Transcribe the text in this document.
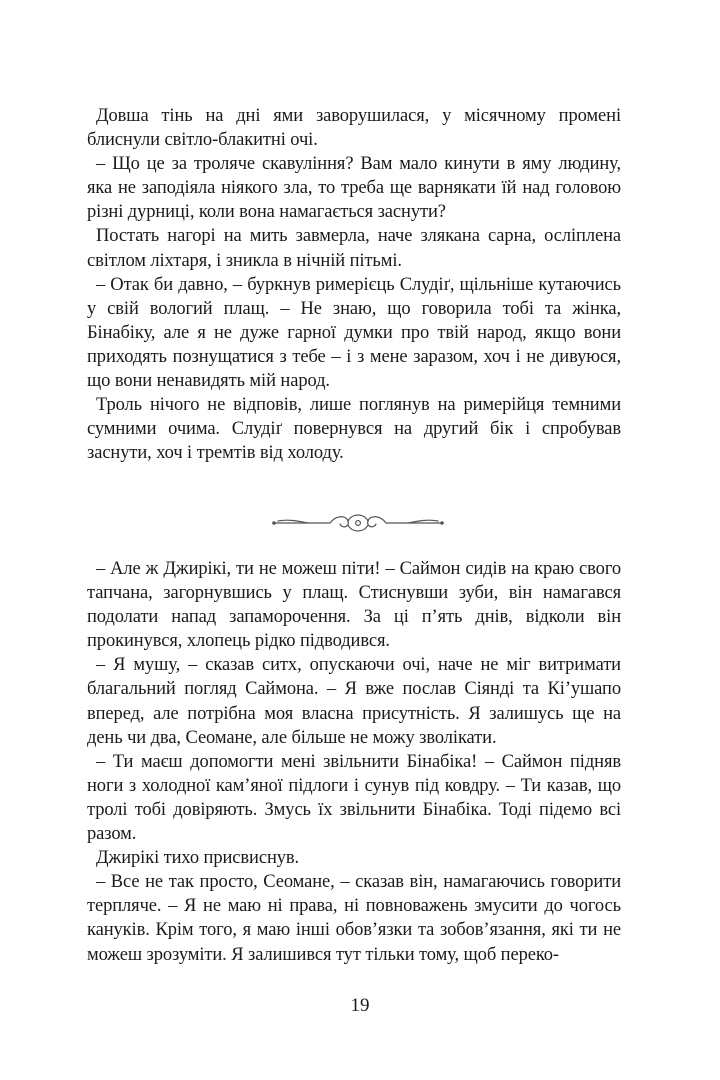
Довша тінь на дні ями заворушилася, у місячному промені блиснули світло-блакитні очі.

– Що це за троляче скавуління? Вам мало кинути в яму людину, яка не заподіяла ніякого зла, то треба ще варнякати їй над головою різні дурниці, коли вона намагається заснути?

Постать нагорі на мить завмерла, наче злякана сарна, осліплена світлом ліхтаря, і зникла в нічній пітьмі.

– Отак би давно, – буркнув римерієць Слудіґ, щільніше кутаючись у свій вологий плащ. – Не знаю, що говорила тобі та жінка, Бінабіку, але я не дуже гарної думки про твій народ, якщо вони приходять познущатися з тебе – і з мене заразом, хоч і не дивуюся, що вони ненавидять мій народ.

Троль нічого не відповів, лише поглянув на римерійця темними сумними очима. Слудіґ повернувся на другий бік і спробував заснути, хоч і тремтів від холоду.

– Але ж Джирікі, ти не можеш піти! – Саймон сидів на краю свого тапчана, загорнувшись у плащ. Стиснувши зуби, він намагався подолати напад запаморочення. За ці п’ять днів, відколи він прокинувся, хлопець рідко підводився.

– Я мушу, – сказав ситх, опускаючи очі, наче не міг витримати благальний погляд Саймона. – Я вже послав Сіянді та Кі’ушапо вперед, але потрібна моя власна присутність. Я залишусь ще на день чи два, Сеомане, але більше не можу зволікати.

– Ти маєш допомогти мені звільнити Бінабіка! – Саймон підняв ноги з холодної кам’яної підлоги і сунув під ковдру. – Ти казав, що тролі тобі довіряють. Змусь їх звільнити Бінабіка. Тоді підемо всі разом.

Джирікі тихо присвиснув.

– Все не так просто, Сеомане, – сказав він, намагаючись говорити терпляче. – Я не маю ні права, ні повноважень змусити до чогось кануків. Крім того, я маю інші обов’язки та зобов’язання, які ти не можеш зрозуміти. Я залишився тут тільки тому, щоб переко-

19
